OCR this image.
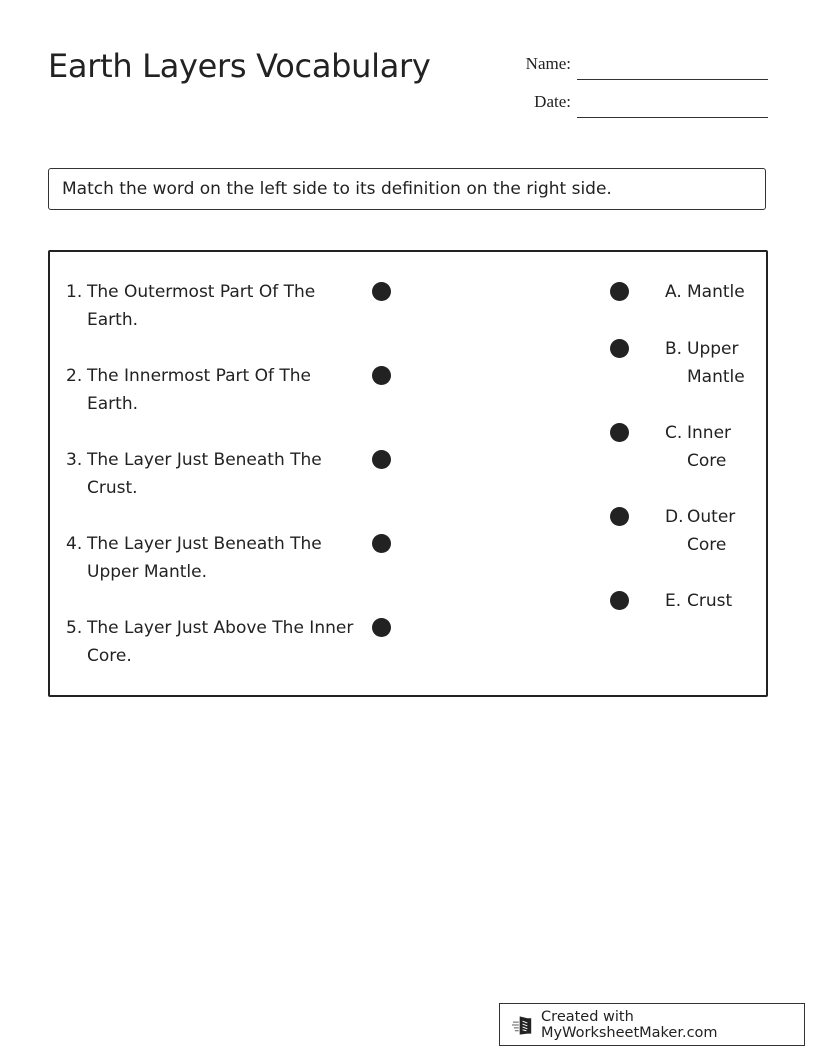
Earth Layers Vocabulary	Name:
Date:
Match the word on the left side to its definition on the right side.
1. The Outermost Part Of The Earth.
2. The Innermost Part Of The Earth.
3. The Layer Just Beneath The Crust.
4. The Layer Just Beneath The Upper Mantle.
5. The Layer Just Above The Inner Core.
A. Mantle
B. Upper Mantle
C. Inner Core
D. Outer Core
E. Crust
Created with MyWorksheetMaker.com
